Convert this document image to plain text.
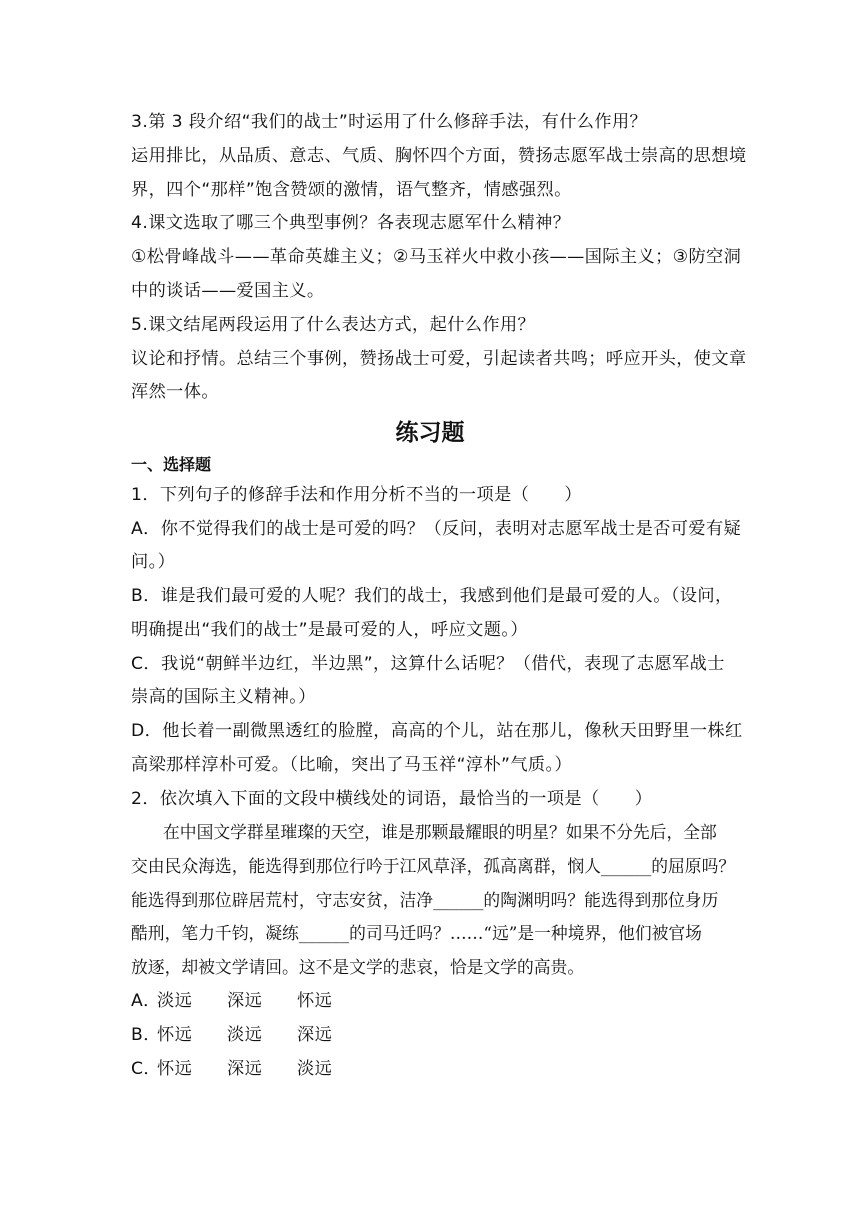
3.第 3 段介绍“我们的战士”时运用了什么修辞手法，有什么作用？
运用排比，从品质、意志、气质、胸怀四个方面，赞扬志愿军战士崇高的思想境
界，四个“那样”饱含赞颂的激情，语气整齐，情感强烈。
4.课文选取了哪三个典型事例？各表现志愿军什么精神？
①松骨峰战斗——革命英雄主义；②马玉祥火中救小孩——国际主义；③防空洞
中的谈话——爱国主义。
5.课文结尾两段运用了什么表达方式，起什么作用？
议论和抒情。总结三个事例，赞扬战士可爱，引起读者共鸣；呼应开头，使文章
浑然一体。
练习题
一、选择题
1．下列句子的修辞手法和作用分析不当的一项是（　　）
A．你不觉得我们的战士是可爱的吗？（反问，表明对志愿军战士是否可爱有疑
问。）
B．谁是我们最可爱的人呢？我们的战士，我感到他们是最可爱的人。（设问，
明确提出“我们的战士”是最可爱的人，呼应文题。）
C．我说“朝鲜半边红，半边黑”，这算什么话呢？（借代，表现了志愿军战士
崇高的国际主义精神。）
D．他长着一副微黑透红的脸膛，高高的个儿，站在那儿，像秋天田野里一株红
高梁那样淳朴可爱。（比喻，突出了马玉祥“淳朴”气质。）
2．依次填入下面的文段中横线处的词语，最恰当的一项是（　　）
在中国文学群星璀璨的天空，谁是那颗最耀眼的明星？如果不分先后，全部
交由民众海选，能选得到那位行吟于江风草泽，孤高离群，悯人______的屈原吗？
能选得到那位辟居荒村，守志安贫，洁净______的陶渊明吗？能选得到那位身历
酷刑，笔力千钧，凝练______的司马迁吗？……“远”是一种境界，他们被官场
放逐，却被文学请回。这不是文学的悲哀，恰是文学的高贵。
A．淡远 深远 怀远
B．怀远 淡远 深远
C．怀远 深远 淡远
